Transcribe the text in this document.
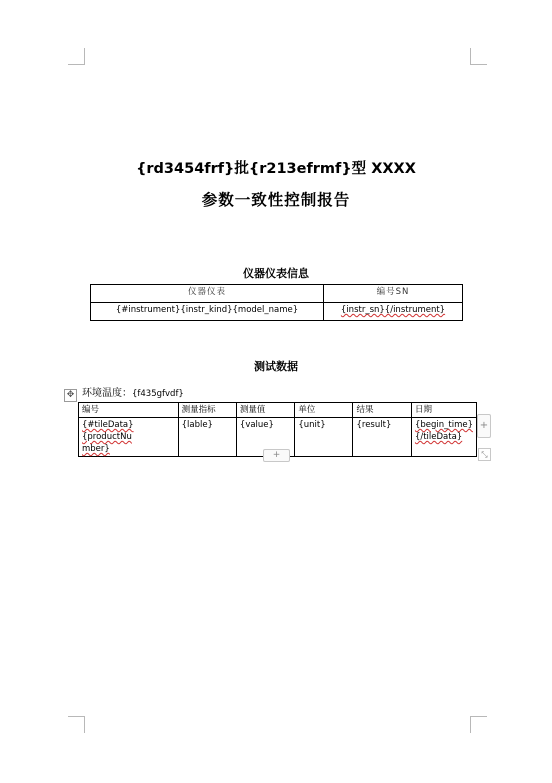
{rd3454frf}批{r213efrmf}型 XXXX
参数一致性控制报告
仪器仪表信息
仪器仪表	编号SN
{#instrument}{instr_kind}{model_name}	{instr_sn}{/instrument}
测试数据
✥ 环境温度：{f435gfvdf}
编号	测量指标	测量值	单位	结果	日期
{#tileData}{productNu
mber}	{lable}	{value}	{unit}	{result}	{begin_time}
{/tileData}
+
+	⤡
